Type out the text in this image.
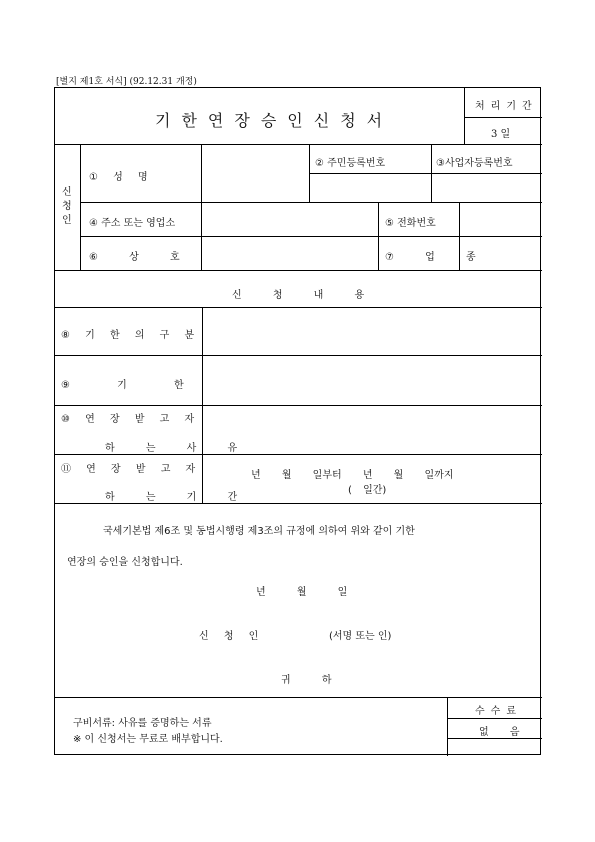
[별지 제1호 서식] (92.12.31 개정)
기한연장승인신청서
처리기간
3 일
신
청
인
① 성 명
② 주민등록번호	③사업자등록번호
④ 주소 또는 영업소	⑤ 전화번호
⑥ 상 호	⑦ 업 종
신 청 내 용
⑧ 기 한 의 구 분
⑨ 기 한
⑩ 연 장 받 고 자
하 는 사 유
⑪ 연 장 받 고 자
하 는 기 간
년 월 일부터 년 월 일까지
( 일간)
국세기본법 제6조 및 동법시행령 제3조의 규정에 의하여 위와 같이 기한
연장의 승인을 신청합니다.
년 월 일
신 청 인	(서명 또는 인)
귀 하
구비서류: 사유를 증명하는 서류
※ 이 신청서는 무료로 배부합니다.
수수료
없 음
